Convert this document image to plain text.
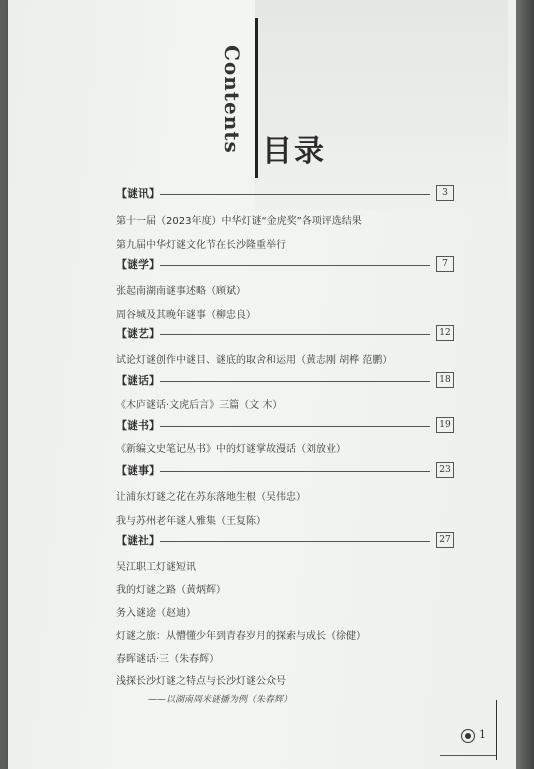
Contents 目录
【谜讯】	3
第十一届（2023年度）中华灯谜“金虎奖”各项评选结果
第九届中华灯谜文化节在长沙隆重举行
【谜学】	7
张起南湖南谜事述略（顾斌）
周谷城及其晚年谜事（柳忠良）
【谜艺】	12
试论灯谜创作中谜目、谜底的取舍和运用（黄志刚 胡桦 范鹏）
【谜话】	18
《木庐谜话·文虎后言》三篇（文 木）
【谜书】	19
《新编文史笔记丛书》中的灯谜掌故漫话（刘放业）
【谜事】	23
让浦东灯谜之花在苏东落地生根（吴伟忠）
我与苏州老年谜人雅集（王复陈）
【谜社】	27
吴江职工灯谜短讯
我的灯谜之路（黄炳辉）
务入谜途（赵迪）
灯谜之旅：从懵懂少年到青春岁月的探索与成长（徐健）
春晖谜话·三（朱春辉）
浅探长沙灯谜之特点与长沙灯谜公众号
——以湖南周米谜播为例（朱春辉）
1
